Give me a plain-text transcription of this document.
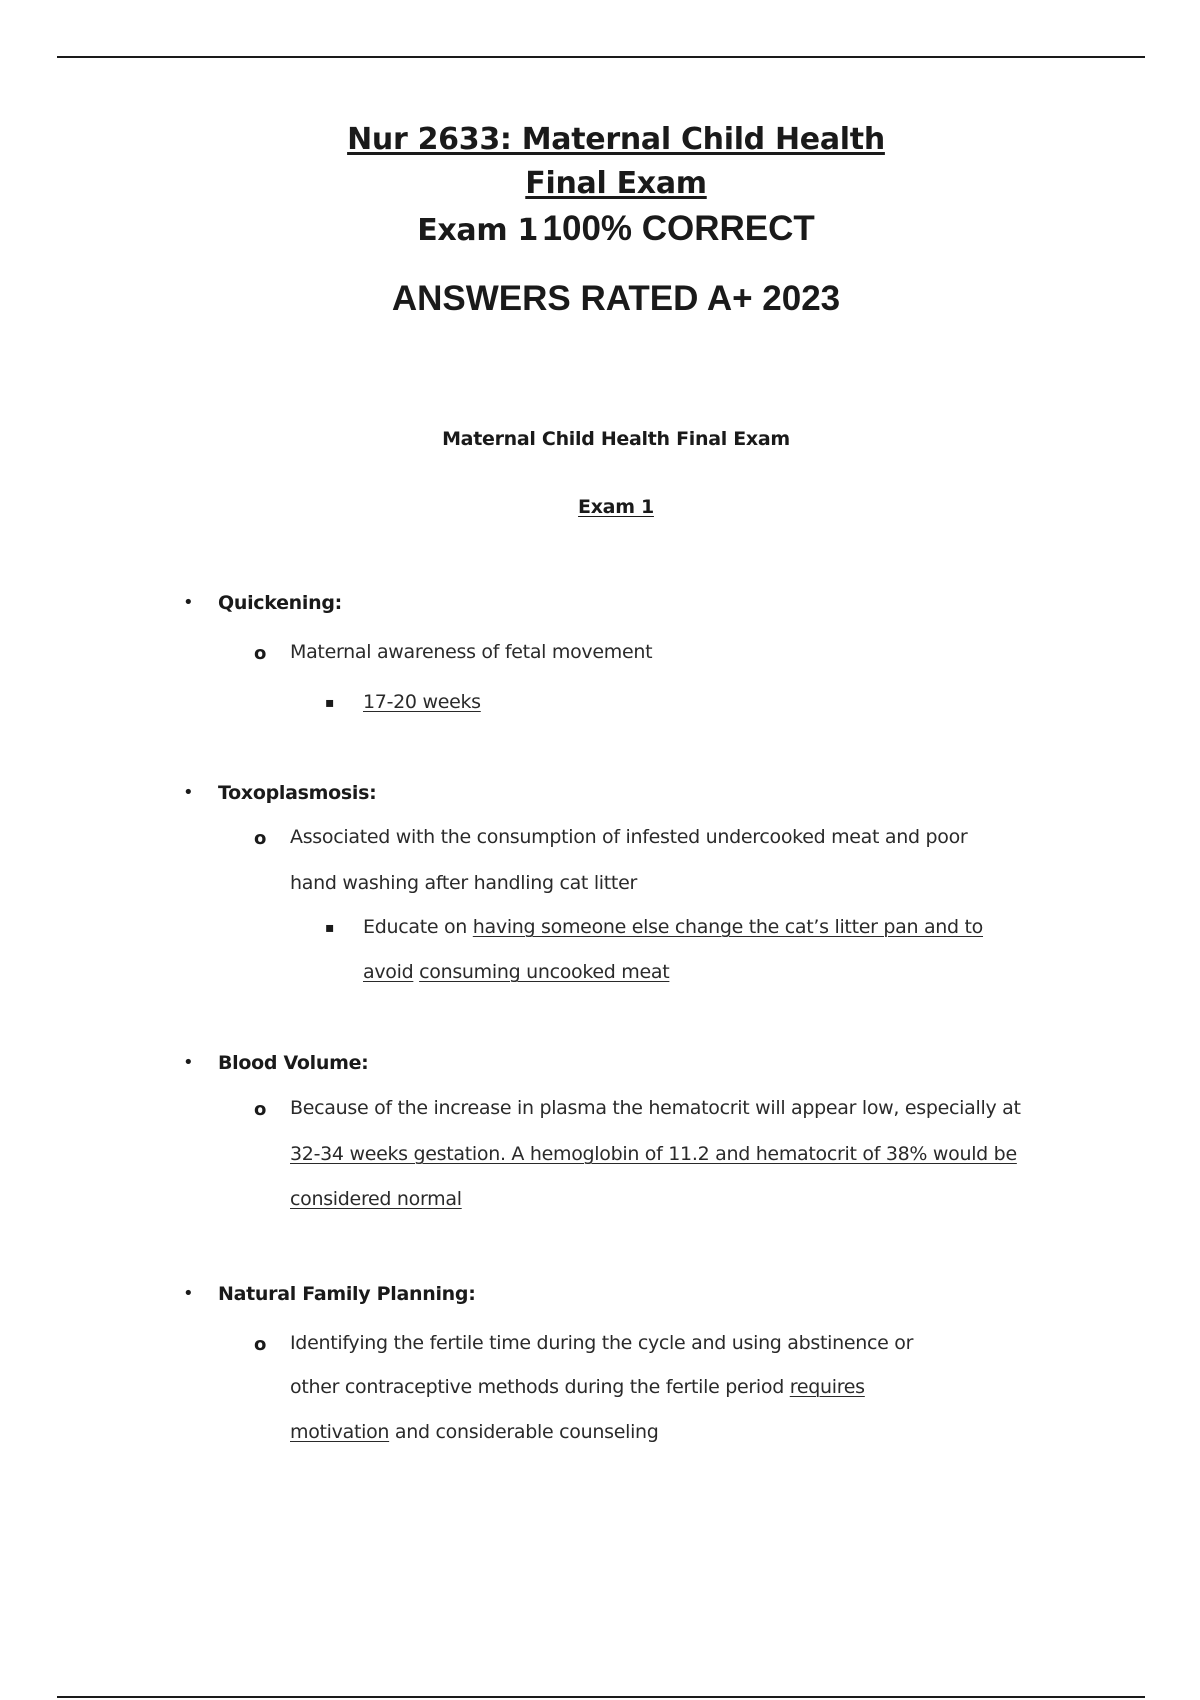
Nur 2633: Maternal Child Health
Final Exam
Exam 1 100% CORRECT
ANSWERS RATED A+ 2023
Maternal Child Health Final Exam
Exam 1
• Quickening:
o Maternal awareness of fetal movement
▪ 17-20 weeks
• Toxoplasmosis:
o Associated with the consumption of infested undercooked meat and poor
hand washing after handling cat litter
▪ Educate on having someone else change the cat’s litter pan and to
avoid consuming uncooked meat
• Blood Volume:
o Because of the increase in plasma the hematocrit will appear low, especially at
32-34 weeks gestation. A hemoglobin of 11.2 and hematocrit of 38% would be
considered normal
• Natural Family Planning:
o Identifying the fertile time during the cycle and using abstinence or
other contraceptive methods during the fertile period requires
motivation and considerable counseling
